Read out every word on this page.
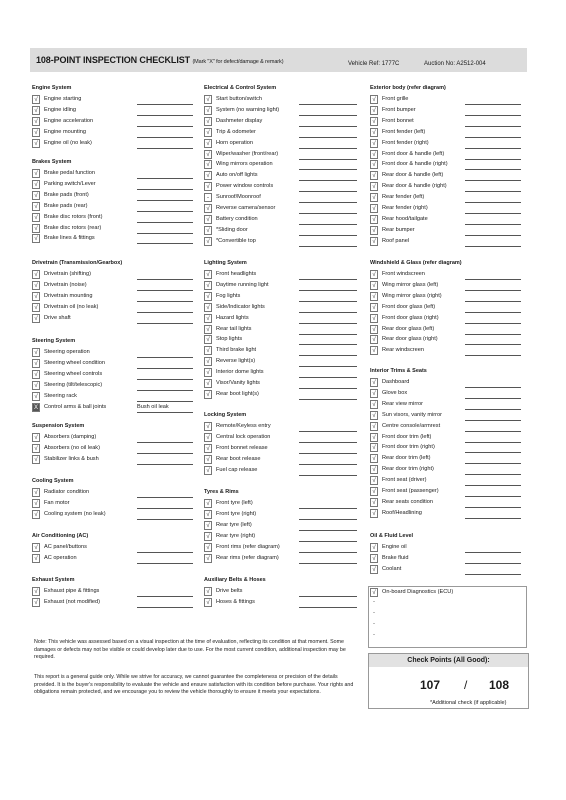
108-POINT INSPECTION CHECKLIST (Mark "X" for defect/damage & remark)	Vehicle Ref: 1777C	Auction No: A2512-004
Engine System
√	Engine starting
√	Engine idling
√	Engine acceleration
√	Engine mounting
√	Engine oil (no leak)
Brakes System
√	Brake pedal function
√	Parking switch/Lever
√	Brake pads (front)
√	Brake pads (rear)
√	Brake disc rotors (front)
√	Brake disc rotors (rear)
√	Brake lines & fittings
Drivetrain (Transmission/Gearbox)
√	Drivetrain (shifting)
√	Drivetrain (noise)
√	Drivetrain mounting
√	Drivetrain oil (no leak)
√	Drive shaft
Steering System
√	Steering operation
√	Steering wheel condition
√	Steering wheel controls
√	Steering (tilt/telescopic)
√	Steering rack
X	Control arms & ball joints	Bush oil leak
Suspension System
√	Absorbers (damping)
√	Absorbers (no oil leak)
√	Stabilizer links & bush
Cooling System
√	Radiator condition
√	Fan motor
√	Cooling system (no leak)
Air Conditioning (AC)
√	AC panel/buttons
√	AC operation
Exhaust System
√	Exhaust pipe & fittings
√	Exhaust (not modified)
Electrical & Control System
√	Start button/switch
√	System (no warning light)
√	Dashmeter display
√	Trip & odometer
√	Horn operation
√	Wiper/washer (front/rear)
√	Wing mirrors operation
√	Auto on/off lights
√	Power window controls
-	Sunroof/Moonroof
√	Reverse camera/sensor
√	Battery condition
√	*Sliding door
√	*Convertible top
Lighting System
√	Front headlights
√	Daytime running light
√	Fog lights
√	Side/Indicator lights
√	Hazard lights
√	Rear tail lights
√	Stop lights
√	Third brake light
√	Reverse light(s)
√	Interior dome lights
√	Visor/Vanity lights
√	Rear boot light(s)
Locking System
√	Remote/Keyless entry
√	Central lock operation
√	Front bonnet release
√	Rear boot release
√	Fuel cap release
Tyres & Rims
√	Front tyre (left)
√	Front tyre (right)
√	Rear tyre (left)
√	Rear tyre (right)
√	Front rims (refer diagram)
√	Rear rims (refer diagram)
Auxiliary Belts & Hoses
√	Drive belts
√	Hoses & fittings
Exterior body (refer diagram)
√	Front grille
√	Front bumper
√	Front bonnet
√	Front fender (left)
√	Front fender (right)
√	Front door & handle (left)
√	Front door & handle (right)
√	Rear door & handle (left)
√	Rear door & handle (right)
√	Rear fender (left)
√	Rear fender (right)
√	Rear hood/tailgate
√	Rear bumper
√	Roof panel
Windshield & Glass (refer diagram)
√	Front windscreen
√	Wing mirror glass (left)
√	Wing mirror glass (right)
√	Front door glass (left)
√	Front door glass (right)
√	Rear door glass (left)
√	Rear door glass (right)
√	Rear windscreen
Interior Trims & Seats
√	Dashboard
√	Glove box
√	Rear view mirror
√	Sun visors, vanity mirror
√	Centre console/armrest
√	Front door trim (left)
√	Front door trim (right)
√	Rear door trim (left)
√	Rear door trim (right)
√	Front seat (driver)
√	Front seat (passenger)
√	Rear seats condition
√	Roof/Headlining
Oil & Fluid Level
√	Engine oil
√	Brake fluid
√	Coolant
√	On-board Diagnostics (ECU)
-
-
-
-
Note: This vehicle was assessed based on a visual inspection at the time of evaluation, reflecting its condition at that moment. Some damages or defects may not be visible or could develop later due to use. For the most current condition, additional inspection may be required.
This report is a general guide only. While we strive for accuracy, we cannot guarantee the completeness or precision of the details provided. It is the buyer's responsibility to evaluate the vehicle and ensure satisfaction with its condition before purchase. Your rights and obligations remain protected, and we encourage you to review the vehicle thoroughly to ensure it meets your expectations.
Check Points (All Good):
107 / 108
*Additional check (if applicable)
